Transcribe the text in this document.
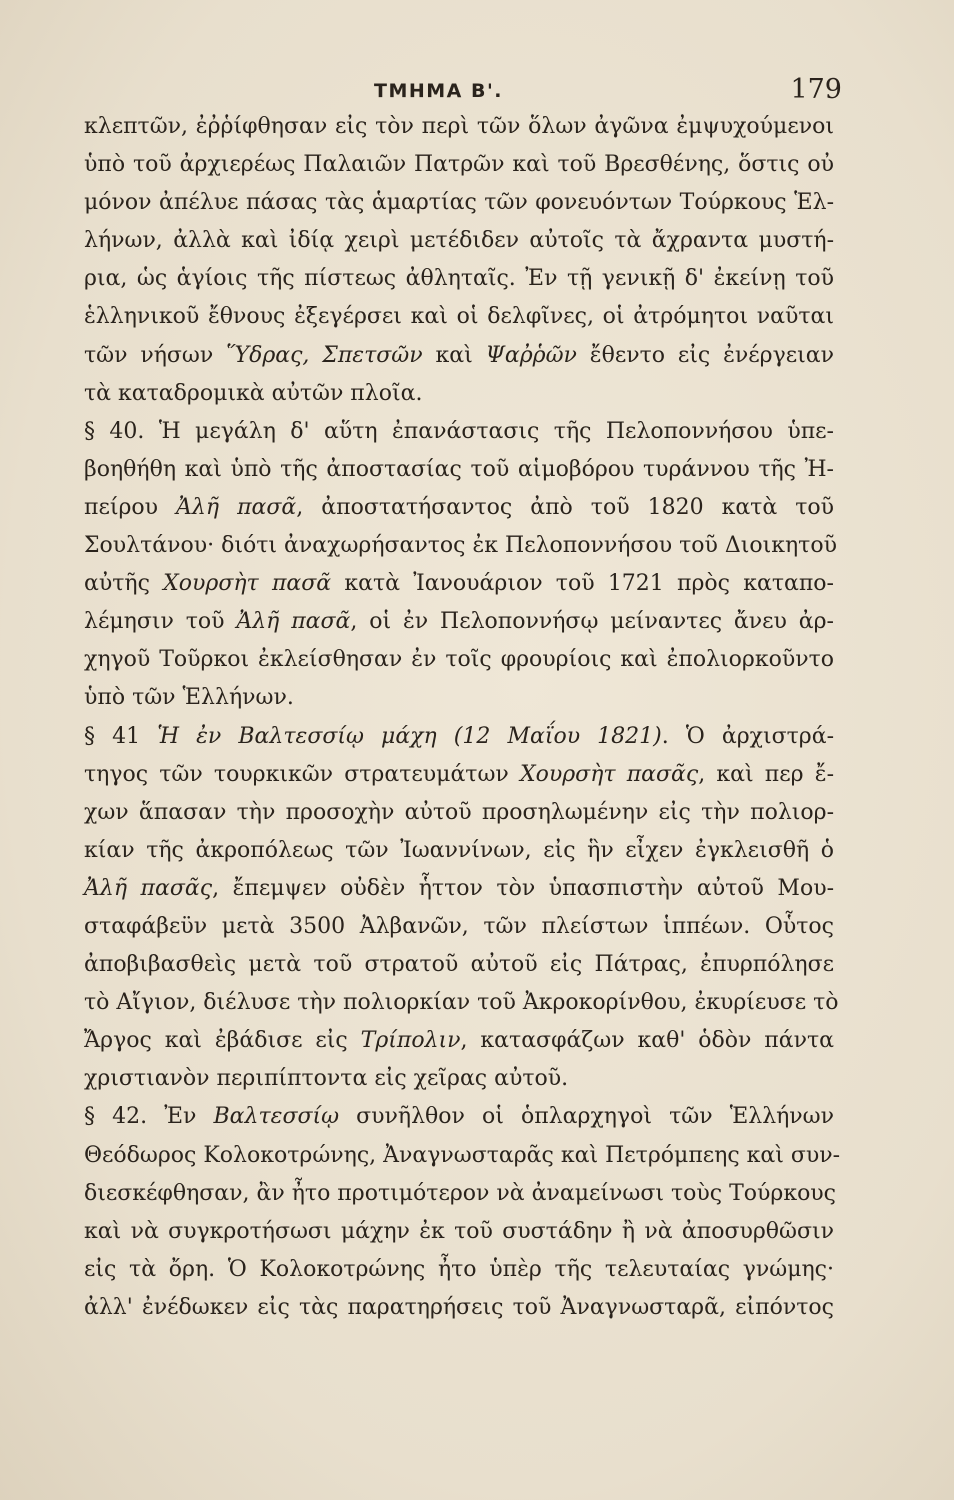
ΤΜΗΜΑ Β'.	179
κλεπτῶν, ἐῤῥίφθησαν εἰς τὸν περὶ τῶν ὅλων ἀγῶνα ἐμψυχούμενοι
ὑπὸ τοῦ ἀρχιερέως Παλαιῶν Πατρῶν καὶ τοῦ Βρεσθένης, ὅστις οὐ
μόνον ἀπέλυε πάσας τὰς ἁμαρτίας τῶν φονευόντων Τούρκους Ἑλ-
λήνων, ἀλλὰ καὶ ἰδίᾳ χειρὶ μετέδιδεν αὐτοῖς τὰ ἄχραντα μυστή-
ρια, ὡς ἁγίοις τῆς πίστεως ἀθληταῖς. Ἐν τῇ γενικῇ δ' ἐκείνῃ τοῦ
ἑλληνικοῦ ἔθνους ἐξεγέρσει καὶ οἱ δελφῖνες, οἱ ἀτρόμητοι ναῦται
τῶν νήσων Ὕδρας, Σπετσῶν καὶ Ψαῤῥῶν ἔθεντο εἰς ἐνέργειαν
τὰ καταδρομικὰ αὐτῶν πλοῖα.
§ 40. Ἡ μεγάλη δ' αὕτη ἐπανάστασις τῆς Πελοποννήσου ὑπε-
βοηθήθη καὶ ὑπὸ τῆς ἀποστασίας τοῦ αἱμοβόρου τυράννου τῆς Ἠ-
πείρου Ἀλῆ πασᾶ, ἀποστατήσαντος ἀπὸ τοῦ 1820 κατὰ τοῦ
Σουλτάνου· διότι ἀναχωρήσαντος ἐκ Πελοποννήσου τοῦ Διοικητοῦ
αὐτῆς Χουρσὴτ πασᾶ κατὰ Ἰανουάριον τοῦ 1721 πρὸς καταπο-
λέμησιν τοῦ Ἀλῆ πασᾶ, οἱ ἐν Πελοποννήσῳ μείναντες ἄνευ ἀρ-
χηγοῦ Τοῦρκοι ἐκλείσθησαν ἐν τοῖς φρουρίοις καὶ ἐπολιορκοῦντο
ὑπὸ τῶν Ἑλλήνων.
§ 41 Ἡ ἐν Βαλτεσσίῳ μάχη (12 Μαΐου 1821). Ὁ ἀρχιστρά-
τηγος τῶν τουρκικῶν στρατευμάτων Χουρσὴτ πασᾶς, καὶ περ ἔ-
χων ἅπασαν τὴν προσοχὴν αὐτοῦ προσηλωμένην εἰς τὴν πολιορ-
κίαν τῆς ἀκροπόλεως τῶν Ἰωαννίνων, εἰς ἣν εἶχεν ἐγκλεισθῆ ὁ
Ἀλῆ πασᾶς, ἔπεμψεν οὐδὲν ἧττον τὸν ὑπασπιστὴν αὐτοῦ Μου-
σταφάβεϋν μετὰ 3500 Ἀλβανῶν, τῶν πλείστων ἱππέων. Οὗτος
ἀποβιβασθεὶς μετὰ τοῦ στρατοῦ αὐτοῦ εἰς Πάτρας, ἐπυρπόλησε
τὸ Αἴγιον, διέλυσε τὴν πολιορκίαν τοῦ Ἀκροκορίνθου, ἐκυρίευσε τὸ
Ἄργος καὶ ἐβάδισε εἰς Τρίπολιν, κατασφάζων καθ' ὁδὸν πάντα
χριστιανὸν περιπίπτοντα εἰς χεῖρας αὐτοῦ.
§ 42. Ἐν Βαλτεσσίῳ συνῆλθον οἱ ὁπλαρχηγοὶ τῶν Ἑλλήνων
Θεόδωρος Κολοκοτρώνης, Ἀναγνωσταρᾶς καὶ Πετρόμπεης καὶ συν-
διεσκέφθησαν, ἂν ἦτο προτιμότερον νὰ ἀναμείνωσι τοὺς Τούρκους
καὶ νὰ συγκροτήσωσι μάχην ἐκ τοῦ συστάδην ἢ νὰ ἀποσυρθῶσιν
εἰς τὰ ὄρη. Ὁ Κολοκοτρώνης ἦτο ὑπὲρ τῆς τελευταίας γνώμης·
ἀλλ' ἐνέδωκεν εἰς τὰς παρατηρήσεις τοῦ Ἀναγνωσταρᾶ, εἰπόντος
